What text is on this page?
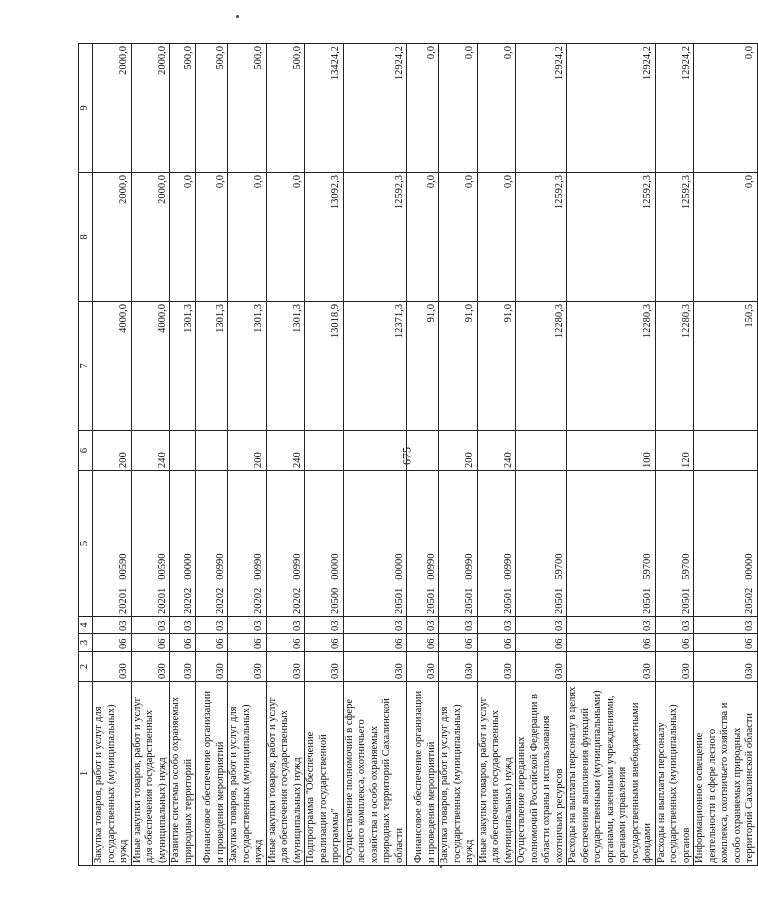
675
1	2	3	4	5	6	7	8	9
Закупка товаров, работ и услуг для государственных (муниципальных) нужд	030	06	03	2020100590	200	4000,0	2000,0	2000,0
Иные закупки товаров, работ и услуг для обеспечения государственных (муниципальных) нужд	030	06	03	2020100590	240	4000,0	2000,0	2000,0
Развитие системы особо охраняемых природных территорий	030	06	03	2020200000		1301,3	0,0	500,0
Финансовое обеспечение организации и проведения мероприятий	030	06	03	2020200990		1301,3	0,0	500,0
Закупка товаров, работ и услуг для государственных (муниципальных) нужд	030	06	03	2020200990	200	1301,3	0,0	500,0
Иные закупки товаров, работ и услуг для обеспечения государственных (муниципальных) нужд	030	06	03	2020200990	240	1301,3	0,0	500,0
Подпрограмма "Обеспечение реализации государственной программы"	030	06	03	2050000000		13018,9	13092,3	13424,2
Осуществление полномочий в сфере лесного комплекса, охотничьего хозяйства и особо охраняемых природных территорий Сахалинской области	030	06	03	2050100000		12371,3	12592,3	12924,2
Финансовое обеспечение организации и проведения мероприятий	030	06	03	2050100990		91,0	0,0	0,0
Закупка товаров, работ и услуг для государственных (муниципальных) нужд	030	06	03	2050100990	200	91,0	0,0	0,0
Иные закупки товаров, работ и услуг для обеспечения государственных (муниципальных) нужд	030	06	03	2050100990	240	91,0	0,0	0,0
Осуществление переданных полномочий Российской Федерации в области охраны и использования охотничьих ресурсов	030	06	03	2050159700		12280,3	12592,3	12924,2
Расходы на выплаты персоналу в целях обеспечения выполнения функций государственными (муниципальными) органами, казенными учреждениями, органами управления государственными внебюджетными фондами	030	06	03	2050159700	100	12280,3	12592,3	12924,2
Расходы на выплаты персоналу государственных (муниципальных) органов	030	06	03	2050159700	120	12280,3	12592,3	12924,2
Информационное освещение деятельности в сфере лесного комплекса, охотничьего хозяйства и особо охраняемых природных территорий Сахалинской области	030	06	03	2050200000		150,5	0,0	0,0
